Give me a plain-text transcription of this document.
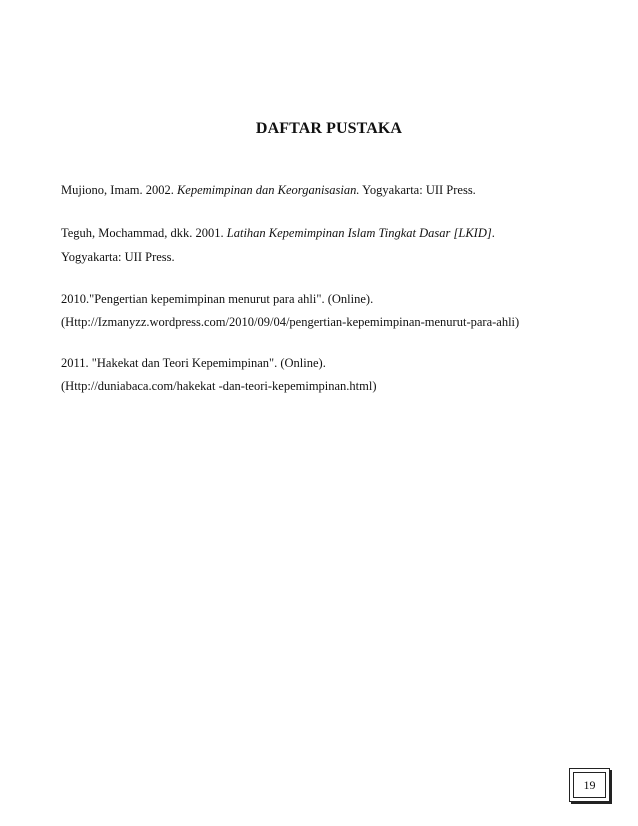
DAFTAR PUSTAKA
Mujiono, Imam. 2002. Kepemimpinan dan Keorganisasian. Yogyakarta: UII Press.
Teguh, Mochammad, dkk. 2001. Latihan Kepemimpinan Islam Tingkat Dasar [LKID].
Yogyakarta: UII Press.
2010."Pengertian kepemimpinan menurut para ahli". (Online).
(Http://Izmanyzz.wordpress.com/2010/09/04/pengertian-kepemimpinan-menurut-para-ahli)
2011. "Hakekat dan Teori Kepemimpinan". (Online).
(Http://duniabaca.com/hakekat -dan-teori-kepemimpinan.html)
19
